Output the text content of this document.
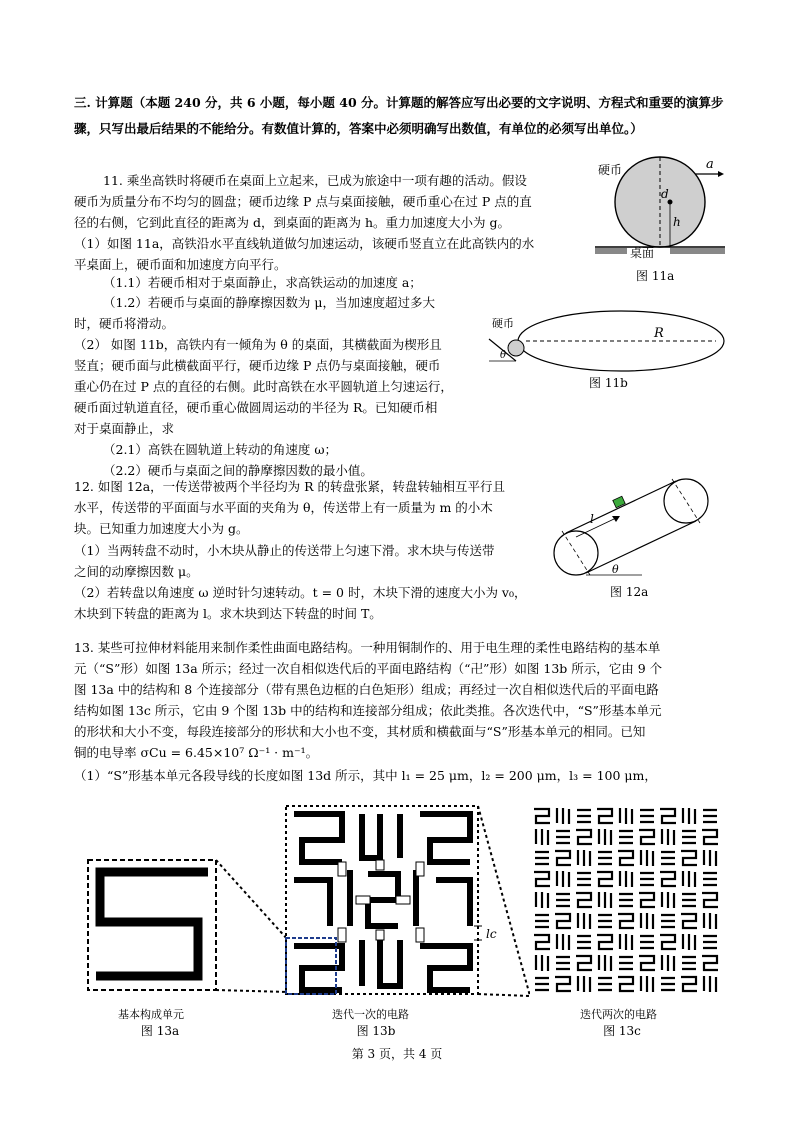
三. 计算题（本题 240 分，共 6 小题，每小题 40 分。计算题的解答应写出必要的文字说明、方程式和重要的演算步骤，只写出最后结果的不能给分。有数值计算的，答案中必须明确写出数值，有单位的必须写出单位。）
11. 乘坐高铁时将硬币在桌面上立起来，已成为旅途中一项有趣的活动。假设
硬币为质量分布不均匀的圆盘；硬币边缘 P 点与桌面接触，硬币重心在过 P 点的直
径的右侧，它到此直径的距离为 d，到桌面的距离为 h。重力加速度大小为 g。
（1）如图 11a，高铁沿水平直线轨道做匀加速运动，该硬币竖直立在此高铁内的水
平桌面上，硬币面和加速度方向平行。
（1.1）若硬币相对于桌面静止，求高铁运动的加速度 a；
（1.2）若硬币与桌面的静摩擦因数为 μ，当加速度超过多大
时，硬币将滑动。
（2） 如图 11b，高铁内有一倾角为 θ 的桌面，其横截面为楔形且
竖直；硬币面与此横截面平行，硬币边缘 P 点仍与桌面接触，硬币
重心仍在过 P 点的直径的右侧。此时高铁在水平圆轨道上匀速运行，
硬币面过轨道直径，硬币重心做圆周运动的半径为 R。已知硬币相
对于桌面静止，求
（2.1）高铁在圆轨道上转动的角速度 ω；
（2.2）硬币与桌面之间的静摩擦因数的最小值。
硬币	a
d
h
桌面
图 11a
R
硬币
θ
图 11b
12. 如图 12a，一传送带被两个半径均为 R 的转盘张紧，转盘转轴相互平行且
水平，传送带的平面面与水平面的夹角为 θ，传送带上有一质量为 m 的小木
块。已知重力加速度大小为 g。
（1）当两转盘不动时，小木块从静止的传送带上匀速下滑。求木块与传送带
之间的动摩擦因数 μ。
（2）若转盘以角速度 ω 逆时针匀速转动。t = 0 时，木块下滑的速度大小为 v₀，
木块到下转盘的距离为 l。求木块到达下转盘的时间 T。
l
θ
图 12a
13. 某些可拉伸材料能用来制作柔性曲面电路结构。一种用铜制作的、用于电生理的柔性电路结构的基本单
元（“S”形）如图 13a 所示；经过一次自相似迭代后的平面电路结构（“卍”形）如图 13b 所示，它由 9 个
图 13a 中的结构和 8 个连接部分（带有黑色边框的白色矩形）组成；再经过一次自相似迭代后的平面电路
结构如图 13c 所示，它由 9 个图 13b 中的结构和连接部分组成；依此类推。各次迭代中，“S”形基本单元
的形状和大小不变，每段连接部分的形状和大小也不变，其材质和横截面与“S”形基本单元的相同。已知
铜的电导率 σCu = 6.45×10⁷ Ω⁻¹ · m⁻¹。
（1）“S”形基本单元各段导线的长度如图 13d 所示，其中 l₁ = 25 μm，l₂ = 200 μm，l₃ = 100 μm，
lc
基本构成单元	迭代一次的电路	迭代两次的电路
图 13a	图 13b	图 13c
第 3 页，共 4 页
